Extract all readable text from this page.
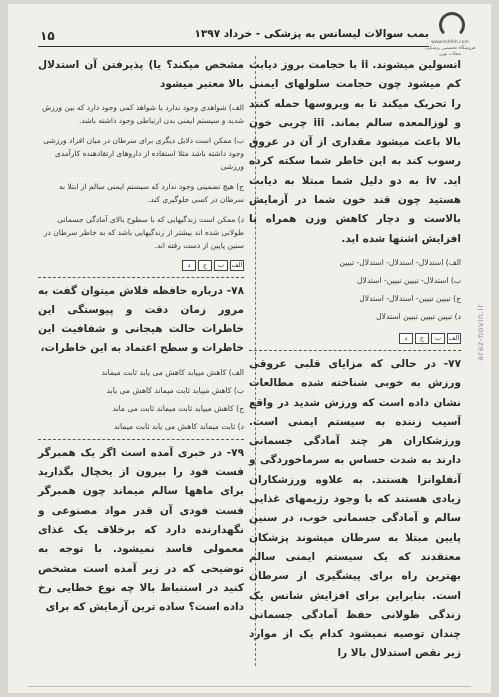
www.tohfeh.com
فروشگاه تخصصی پزشکی، مجلات نوین
بمب سوالات لیسانس به پزشکی - خرداد ۱۳۹۷
۱۵
انسولین میشوند. ii با حجامت بروز دیابت کم میشود چون حجامت سلولهای ایمنی را تحریک میکند تا به ویروسها حمله کنند و لوزالمعده سالم بماند. iii چربی خون بالا باعث میشود مقداری از آن در عروق رسوب کند به این خاطر شما سکته کرده اید. iv به دو دلیل شما مبتلا به دیابت هستید چون قند خون شما در آزمایش بالاست و دچار کاهش وزن همراه با افزایش اشتها شده اید.
الف) استدلال- استدلال- استدلال- تبیین
ب) استدلال- تبیین تبیین- استدلال
ج) تبیین تبیین- استدلال- استدلال
د) تبیین تبیین تبیین استدلال
الف
ب
ج
د
۷۷- در حالی که مزایای قلبی عروقی ورزش به خوبی شناخته شده مطالعات نشان داده است که ورزش شدید در واقع آسیب زننده به سیستم ایمنی است. ورزشکاران هر چند آمادگی جسمانی دارند به شدت حساس به سرماخوردگی و آنفلوانزا هستند. به علاوه ورزشکاران زیادی هستند که با وجود رژیمهای غذایی سالم و آمادگی جسمانی خوب، در سنین پایین مبتلا به سرطان میشوند پزشکان معتقدند که یک سیستم ایمنی سالم بهترین راه برای پیشگیری از سرطان است. بنابراین برای افزایش شانس یک زندگی طولانی حفظ آمادگی جسمانی چندان توصیه نمیشود کدام یک از موارد زیر نقص استدلال بالا را
مشخص میکند؟ یا) پذیرفتن آن استدلال بالا معتبر میشود
الف) شواهدی وجود ندارد یا شواهد کمی وجود دارد که بین ورزش شدید و سیستم ایمنی بدن ارتباطی وجود داشته باشد.
ب) ممکن است دلایل دیگری برای سرطان در میان افراد ورزشی وجود داشته باشد مثلا استفاده از داروهای ارتقادهنده کارآمدی ورزشی
ج) هیچ تضمینی وجود ندارد که سیستم ایمنی سالم از ابتلا به سرطان در کسی جلوگیری کند.
د) ممکن است زندگیهایی که با سطوح بالای آمادگی جسمانی طولانی شده اند بیشتر از زندگیهایی باشد که به خاطر سرطان در سنین پایین از دست رفته اند.
الف
ب
ج
د
۷۸- درباره حافظه فلاش میتوان گفت به مرور زمان دقت و پیوستگی این خاطرات حالت هیجانی و شفافیت این خاطرات و سطح اعتماد به این خاطرات،
الف) کاهش مییابد کاهش می یابد ثابت میماند
ب) کاهش مییابد ثابت میماند کاهش می یابد
ج) کاهش مییابد ثابت میماند ثابت می ماند
د) ثابت میماند کاهش می یابد ثابت میماند
۷۹- در خبری آمده است اگر یک همبرگر فست فود را بیرون از یخچال بگذارید برای ماهها سالم میماند چون همبرگر فست فودی آن قدر مواد مصنوعی و نگهدارنده دارد که برخلاف یک غذای معمولی فاسد نمیشود. با توجه به توضیحی که در زیر آمده است مشخص کنید در استنباط بالا چه نوع خطایی رخ داده است؟ ساده ترین آزمایش که برای
araz-novin.ir
